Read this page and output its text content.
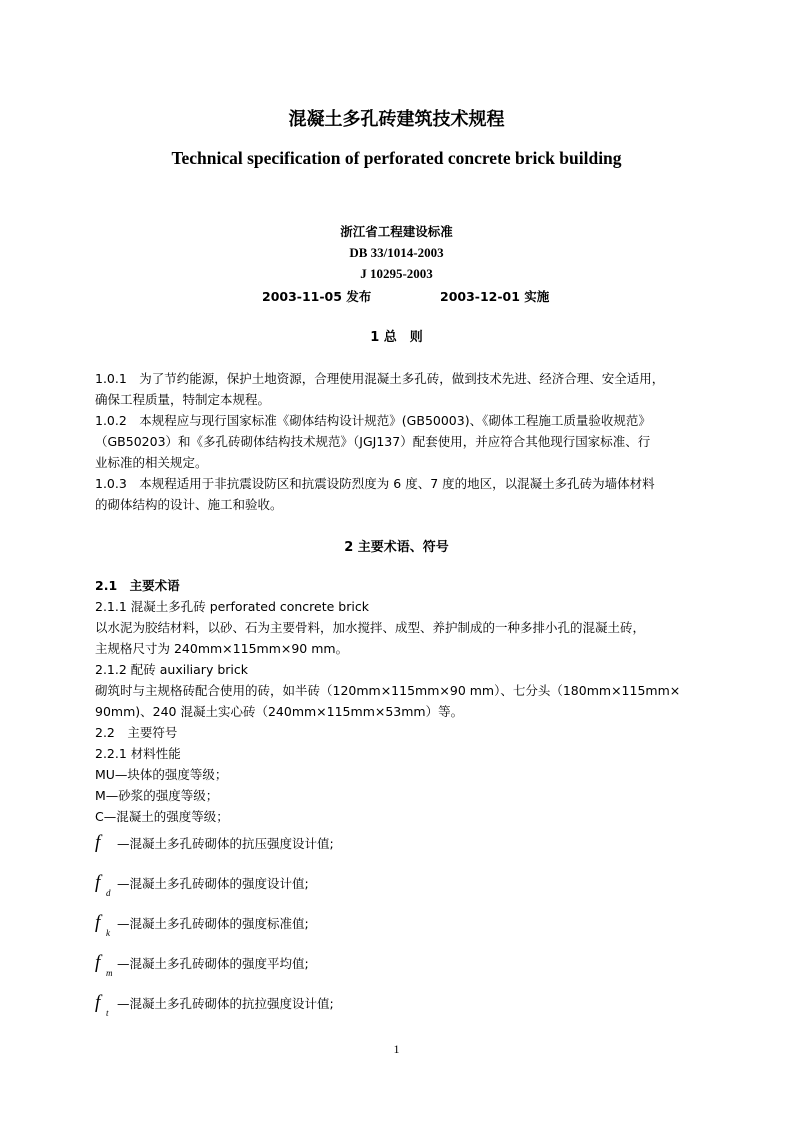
混凝土多孔砖建筑技术规程
Technical specification of perforated concrete brick building
浙江省工程建设标准
DB 33/1014-2003
J 10295-2003
2003-11-05 发布	2003-12-01 实施
1 总　则
1.0.1　为了节约能源，保护土地资源，合理使用混凝土多孔砖，做到技术先进、经济合理、安全适用，
确保工程质量，特制定本规程。
1.0.2　本规程应与现行国家标准《砌体结构设计规范》(GB50003)、《砌体工程施工质量验收规范》
（GB50203）和《多孔砖砌体结构技术规范》（JGJ137）配套使用，并应符合其他现行国家标准、行
业标准的相关规定。
1.0.3　本规程适用于非抗震设防区和抗震设防烈度为 6 度、7 度的地区，以混凝土多孔砖为墙体材料
的砌体结构的设计、施工和验收。
2 主要术语、符号
2.1　主要术语
2.1.1 混凝土多孔砖 perforated concrete brick
以水泥为胶结材料，以砂、石为主要骨料，加水搅拌、成型、养护制成的一种多排小孔的混凝土砖，
主规格尺寸为 240mm×115mm×90 mm。
2.1.2 配砖 auxiliary brick
砌筑时与主规格砖配合使用的砖，如半砖（120mm×115mm×90 mm）、七分头（180mm×115mm×
90mm)、240 混凝土实心砖（240mm×115mm×53mm）等。
2.2　主要符号
2.2.1 材料性能
MU—块体的强度等级；
M—砂浆的强度等级；
C—混凝土的强度等级；
f —混凝土多孔砖砌体的抗压强度设计值;
f d
—混凝土多孔砖砌体的强度设计值;
f k
—混凝土多孔砖砌体的强度标准值;
f m
—混凝土多孔砖砌体的强度平均值;
f t
—混凝土多孔砖砌体的抗拉强度设计值;
1
